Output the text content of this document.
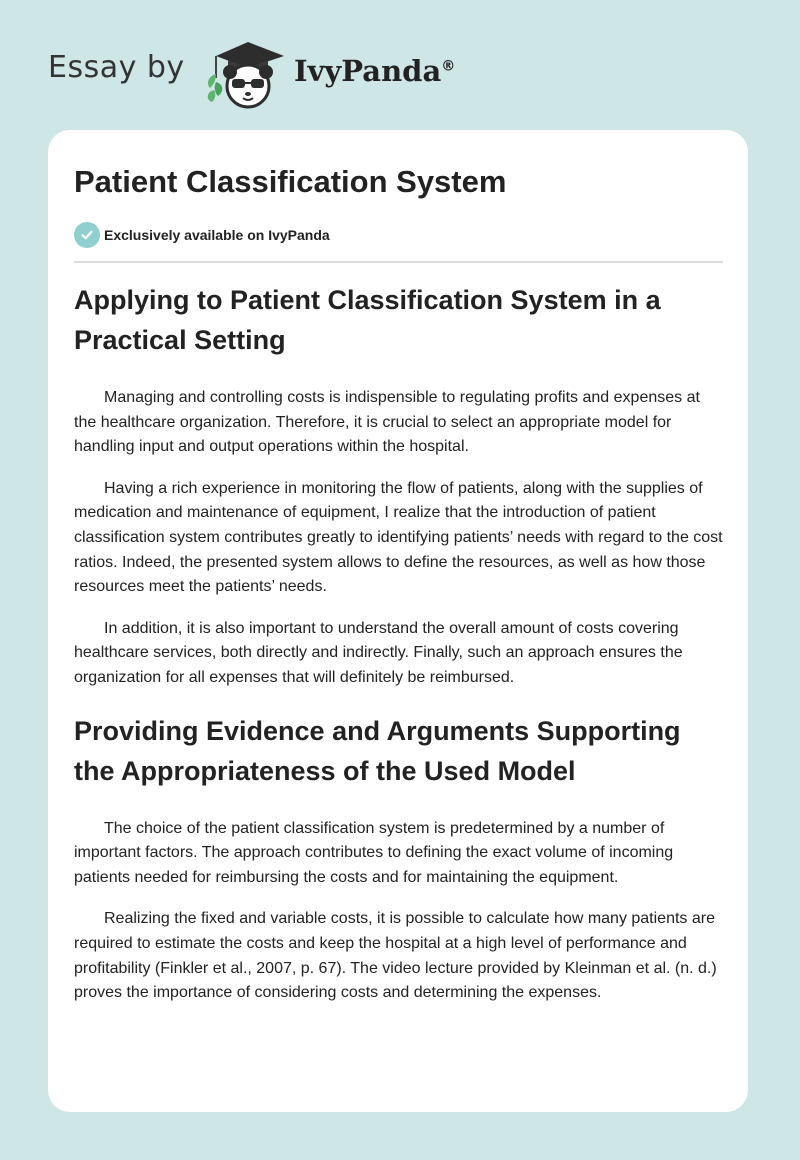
Essay by	IvyPanda®
Patient Classification System
Exclusively available on IvyPanda
Applying to Patient Classification System in a Practical Setting

Managing and controlling costs is indispensible to regulating profits and expenses at the healthcare organization. Therefore, it is crucial to select an appropriate model for handling input and output operations within the hospital.

Having a rich experience in monitoring the flow of patients, along with the supplies of medication and maintenance of equipment, I realize that the introduction of patient classification system contributes greatly to identifying patients’ needs with regard to the cost ratios. Indeed, the presented system allows to define the resources, as well as how those resources meet the patients’ needs.

In addition, it is also important to understand the overall amount of costs covering healthcare services, both directly and indirectly. Finally, such an approach ensures the organization for all expenses that will definitely be reimbursed.

Providing Evidence and Arguments Supporting the Appropriateness of the Used Model

The choice of the patient classification system is predetermined by a number of important factors. The approach contributes to defining the exact volume of incoming patients needed for reimbursing the costs and for maintaining the equipment.

Realizing the fixed and variable costs, it is possible to calculate how many patients are required to estimate the costs and keep the hospital at a high level of performance and profitability (Finkler et al., 2007, p. 67). The video lecture provided by Kleinman et al. (n. d.) proves the importance of considering costs and determining the expenses.
